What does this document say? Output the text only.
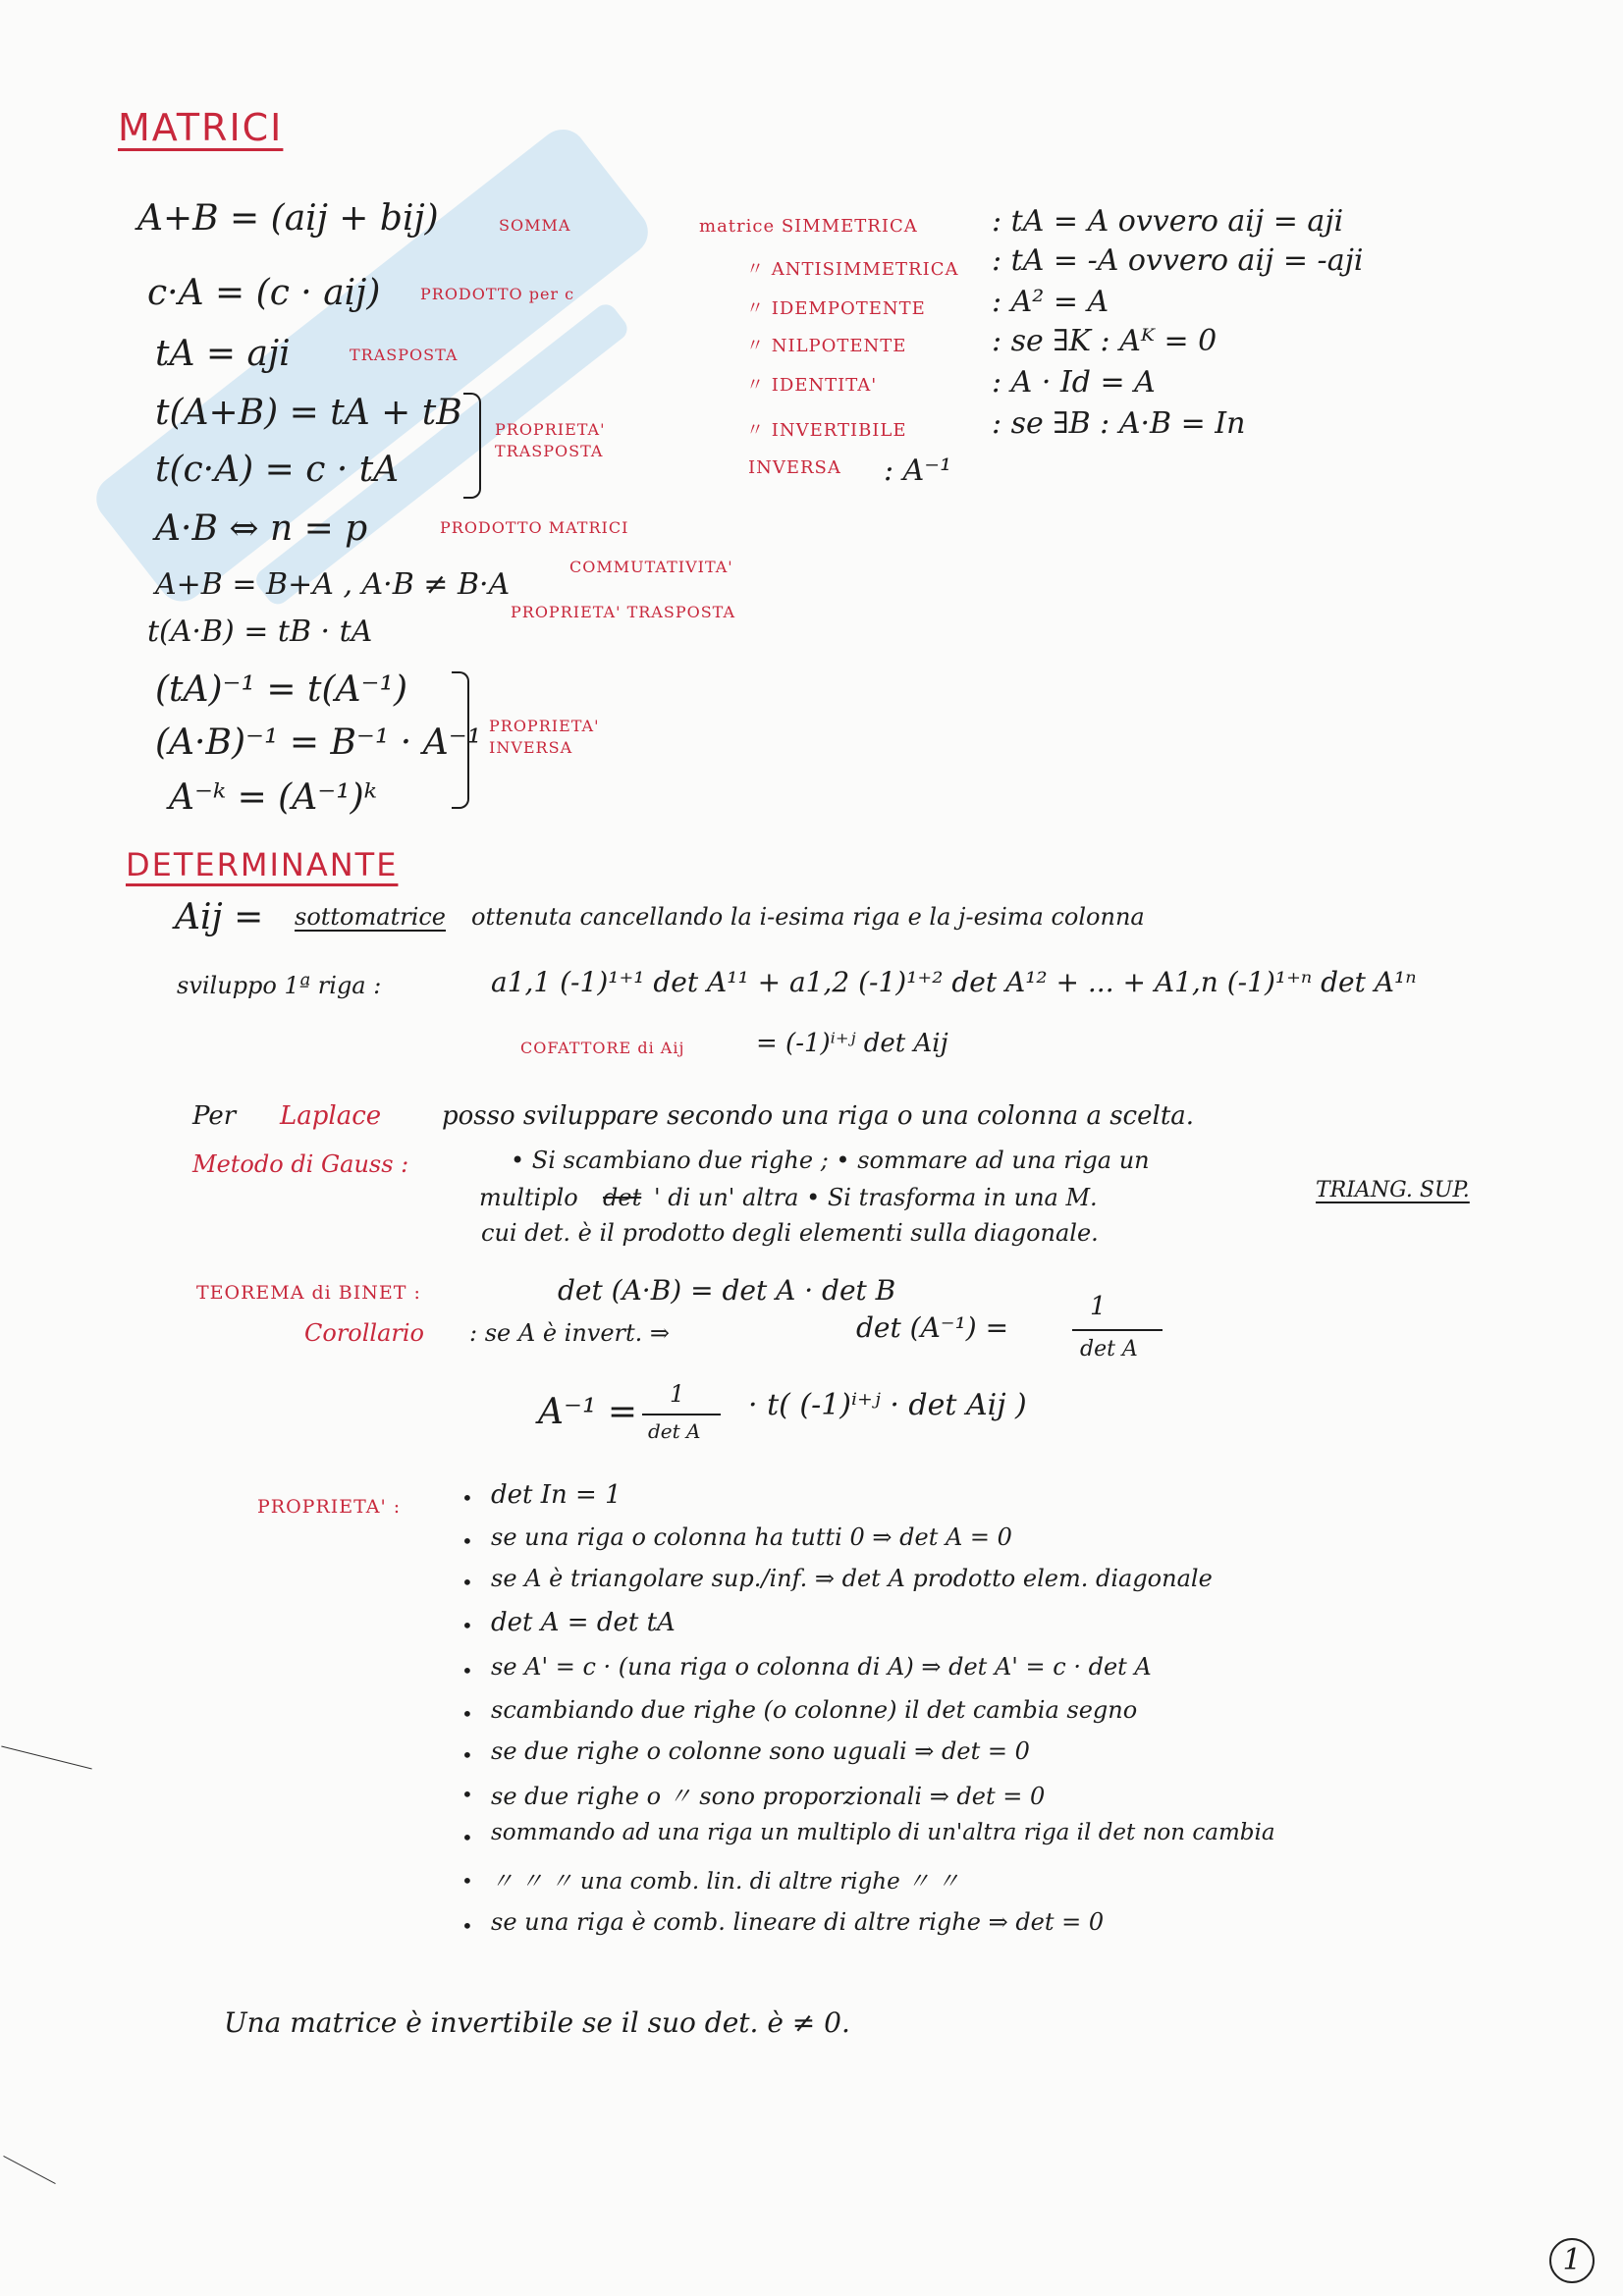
MATRICI
A+B = (aij + bij)	SOMMA
c·A = (c · aij)	PRODOTTO per c
tA = aji	TRASPOSTA
t(A+B) = tA + tB
t(c·A) = c · tA
PROPRIETA'
TRASPOSTA
A·B ⇔ n = p	PRODOTTO MATRICI
A+B = B+A , A·B ≠ B·A
COMMUTATIVITA'
t(A·B) = tB · tA
PROPRIETA' TRASPOSTA
(tA)⁻¹ = t(A⁻¹)
(A·B)⁻¹ = B⁻¹ · A⁻¹
A⁻ᵏ = (A⁻¹)ᵏ
PROPRIETA'
INVERSA
matrice SIMMETRICA	: tA = A ovvero aij = aji
〃 ANTISIMMETRICA : tA = -A ovvero aij = -aji
〃 IDEMPOTENTE : A² = A
〃 NILPOTENTE	: se ∃K : Aᴷ = 0
〃 IDENTITA'	: A · Id = A
〃 INVERTIBILE	: se ∃B : A·B = In
INVERSA : A⁻¹
DETERMINANTE
Aij = sottomatrice ottenuta cancellando la i-esima riga e la j-esima colonna
sviluppo 1ª riga :	a1,1 (-1)¹⁺¹ det A¹¹ + a1,2 (-1)¹⁺² det A¹² + ... + A1,n (-1)¹⁺ⁿ det A¹ⁿ
COFATTORE di Aij	= (-1)ⁱ⁺ʲ det Aij
Per Laplace posso sviluppare secondo una riga o una colonna a scelta.
Metodo di Gauss :	• Si scambiano due righe ; • sommare ad una riga un
multiplo det ' di un' altra • Si trasforma in una M.	TRIANG. SUP.
cui det. è il prodotto degli elementi sulla diagonale.
TEOREMA di BINET :	det (A·B) = det A · det B
Corollario : se A è invert. ⇒	det (A⁻¹) =
1
det A
A⁻¹ = 1
det A
· t( (-1)ⁱ⁺ʲ · det Aij )
PROPRIETA' :	det In = 1
se una riga o colonna ha tutti 0 ⇒ det A = 0
se A è triangolare sup./inf. ⇒ det A prodotto elem. diagonale
det A = det tA
se A' = c · (una riga o colonna di A) ⇒ det A' = c · det A
scambiando due righe (o colonne) il det cambia segno
se due righe o colonne sono uguali ⇒ det = 0
se due righe o 〃 sono proporzionali ⇒ det = 0
sommando ad una riga un multiplo di un'altra riga il det non cambia
〃 〃 〃 una comb. lin. di altre righe 〃 〃
se una riga è comb. lineare di altre righe ⇒ det = 0
•
•
•
•
•
•
•
•
•
•
•
Una matrice è invertibile se il suo det. è ≠ 0.
1
